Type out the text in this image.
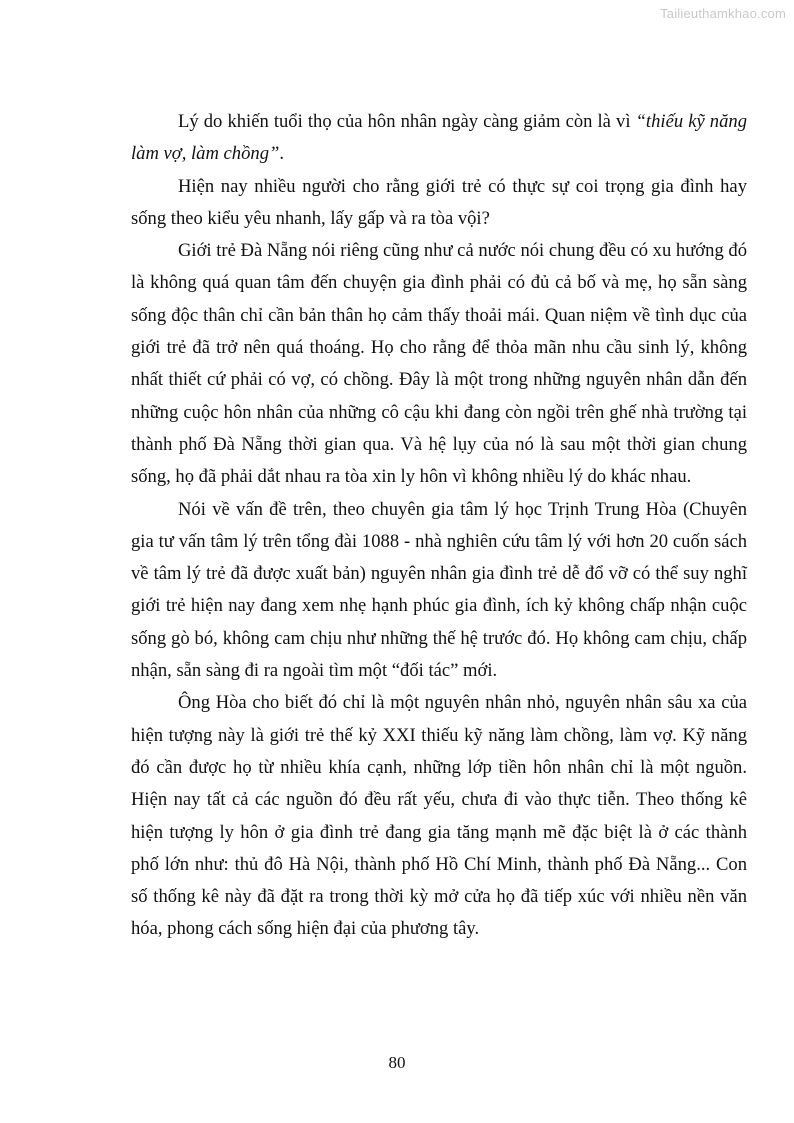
Tailieuthamkhao.com

Lý do khiến tuổi thọ của hôn nhân ngày càng giảm còn là vì “thiếu kỹ năng làm vợ, làm chồng”.

Hiện nay nhiều người cho rằng giới trẻ có thực sự coi trọng gia đình hay sống theo kiểu yêu nhanh, lấy gấp và ra tòa vội?

Giới trẻ Đà Nẵng nói riêng cũng như cả nước nói chung đều có xu hướng đó là không quá quan tâm đến chuyện gia đình phải có đủ cả bố và mẹ, họ sẵn sàng sống độc thân chỉ cần bản thân họ cảm thấy thoải mái. Quan niệm về tình dục của giới trẻ đã trở nên quá thoáng. Họ cho rằng để thỏa mãn nhu cầu sinh lý, không nhất thiết cứ phải có vợ, có chồng. Đây là một trong những nguyên nhân dẫn đến những cuộc hôn nhân của những cô cậu khi đang còn ngồi trên ghế nhà trường tại thành phố Đà Nẵng thời gian qua. Và hệ lụy của nó là sau một thời gian chung sống, họ đã phải dắt nhau ra tòa xin ly hôn vì không nhiều lý do khác nhau.

Nói về vấn đề trên, theo chuyên gia tâm lý học Trịnh Trung Hòa (Chuyên gia tư vấn tâm lý trên tổng đài 1088 - nhà nghiên cứu tâm lý với hơn 20 cuốn sách về tâm lý trẻ đã được xuất bản) nguyên nhân gia đình trẻ dễ đổ vỡ có thể suy nghĩ giới trẻ hiện nay đang xem nhẹ hạnh phúc gia đình, ích kỷ không chấp nhận cuộc sống gò bó, không cam chịu như những thế hệ trước đó. Họ không cam chịu, chấp nhận, sẵn sàng đi ra ngoài tìm một “đối tác” mới.

Ông Hòa cho biết đó chỉ là một nguyên nhân nhỏ, nguyên nhân sâu xa của hiện tượng này là giới trẻ thế kỷ XXI thiếu kỹ năng làm chồng, làm vợ. Kỹ năng đó cần được họ từ nhiều khía cạnh, những lớp tiền hôn nhân chỉ là một nguồn. Hiện nay tất cả các nguồn đó đều rất yếu, chưa đi vào thực tiễn. Theo thống kê hiện tượng ly hôn ở gia đình trẻ đang gia tăng mạnh mẽ đặc biệt là ở các thành phố lớn như: thủ đô Hà Nội, thành phố Hồ Chí Minh, thành phố Đà Nẵng... Con số thống kê này đã đặt ra trong thời kỳ mở cửa họ đã tiếp xúc với nhiều nền văn hóa, phong cách sống hiện đại của phương tây.

80
